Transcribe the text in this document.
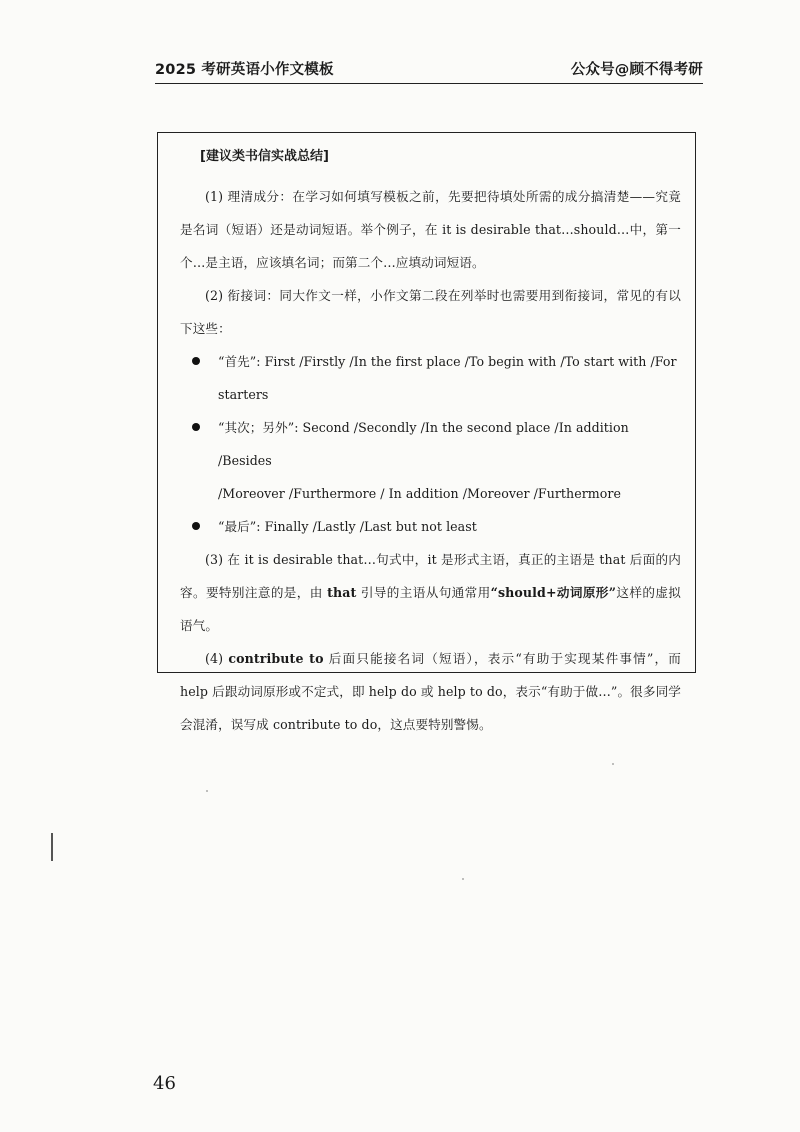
2025 考研英语小作文模板	公众号@顾不得考研
[建议类书信实战总结]

(1) 理清成分：在学习如何填写模板之前，先要把待填处所需的成分搞清楚——究竟是名词（短语）还是动词短语。举个例子，在 it is desirable that…should…中，第一个…是主语，应该填名词；而第二个…应填动词短语。

(2) 衔接词：同大作文一样，小作文第二段在列举时也需要用到衔接词，常见的有以下这些：

“首先”: First /Firstly /In the first place /To begin with /To start with /For starters
“其次；另外”: Second /Secondly /In the second place /In addition /Besides
/Moreover /Furthermore / In addition /Moreover /Furthermore
“最后”: Finally /Lastly /Last but not least

(3) 在 it is desirable that…句式中，it 是形式主语，真正的主语是 that 后面的内容。要特别注意的是，由 that 引导的主语从句通常用“should+动词原形”这样的虚拟语气。

(4) contribute to 后面只能接名词（短语），表示“有助于实现某件事情”，而 help 后跟动词原形或不定式，即 help do 或 help to do，表示“有助于做…”。很多同学会混淆，误写成 contribute to do，这点要特别警惕。

46
